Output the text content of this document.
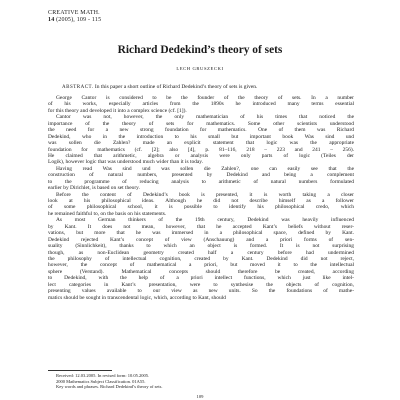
CREATIVE MATH.
14 (2005), 109 - 115
Richard Dedekind’s theory of sets
LECH GRUSZECKI
ABSTRACT. In this paper a short outline of Richard Dedekind’s theory of sets is given.
George Cantor is considered to be the founder of the theory of sets. In a number
of his works, especially articles from the 1890s he introduced many terms essential
for this theory and developed it into a complex science (cf. [1]).
Cantor was not, however, the only mathematician of his times that noticed the
importance of the theory of sets for mathematics. Some other scientists understood
the need for a new strong foundation for mathematics. One of them was Richard
Dedekind, who in the introduction to his small but important book Was sind und
was sollen die Zahlen? made an explicit statement that logic was the appropriate
foundation for mathematics (cf. [2]; also [4], p. 81–116, 218 – 223 and 241 – 256).
He claimed that arithmetic, algebra or analysis were only parts of logic (Teiles der
Logik), however logic that was understood much wider than it is today.
Having read Was sind und was sollen die Zahlen?, one can easily see that the
construction of natural numbers, presented by Dedekind and being a complement
to the programme of reducing analysis to arithmetic of natural numbers formulated
earlier by Dirichlet, is based on set theory.
Before the content of Dedekind’s book is presented, it is worth taking a closer
look at his philosophical ideas. Although he did not describe himself as a follower
of some philosophical school, it is possible to identify his philosophical credo, which
he remained faithful to, on the basis on his statements.
As most German thinkers of the 19th century, Dedekind was heavily influenced
by Kant. It does not mean, however, that he accepted Kant’s beliefs without reser-
vations, but more that he was immersed in a philosophical space, defined by Kant.
Dedekind rejected Kant’s concept of view (Anschauung) and a priori forms of sen-
suality (Sinnlichkeit), thanks to which an object is formed. It is not surprising
though, as non-Euclidean geometry created half a century before had undermined
the philosophy of intellectual cognition, created by Kant. Dedekind did not reject,
however, the concept of mathematical a priori, but moved it to the intellectual
sphere (Verstand). Mathematical concepts should therefore be created, according
to Dedekind, with the help of a priori intellect functions, which just like intel-
lect categories in Kant’s presentation, were to synthesise the objects of cognition,
presenting values available to our view as new units. So the foundations of mathe-
matics should be sought in transcendental logic, which, according to Kant, should
Received: 12.03.2005. In revised form: 10.05.2005.
2000 Mathematics Subject Classification. 01A55.
Key words and phrases. Richard Dedekind’s theory of sets.
109
